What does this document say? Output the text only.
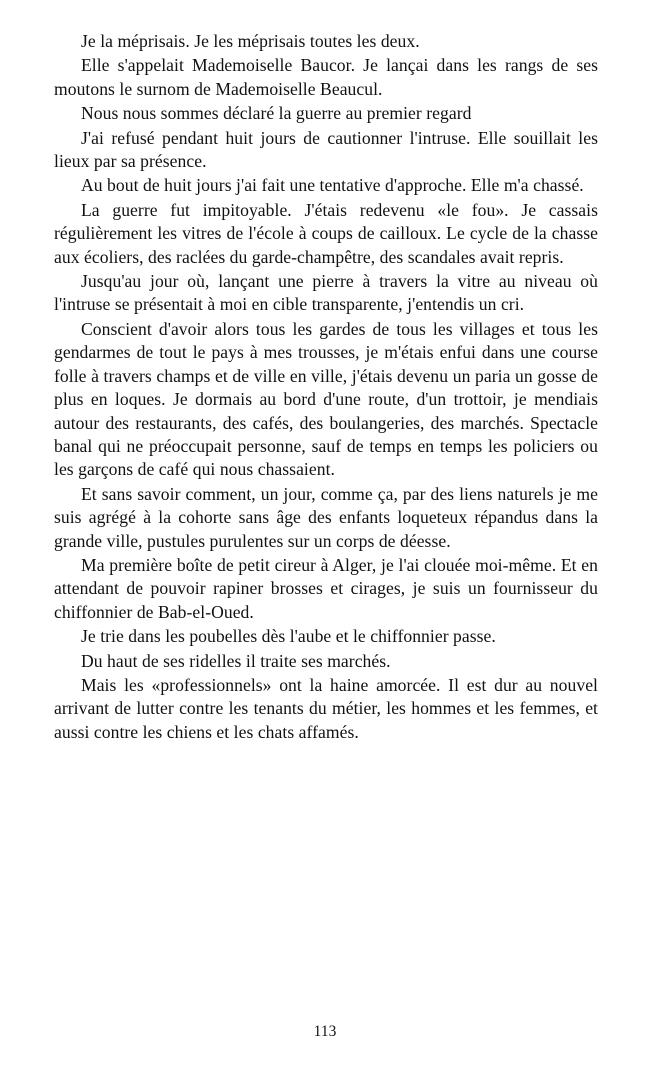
Je la méprisais. Je les méprisais toutes les deux.

Elle s'appelait Mademoiselle Baucor. Je lançai dans les rangs de ses moutons le surnom de Mademoiselle Beaucul.

Nous nous sommes déclaré la guerre au premier regard

J'ai refusé pendant huit jours de cautionner l'intruse. Elle souillait les lieux par sa présence.

Au bout de huit jours j'ai fait une tentative d'approche. Elle m'a chassé.

La guerre fut impitoyable. J'étais redevenu «le fou». Je cassais régulièrement les vitres de l'école à coups de cailloux. Le cycle de la chasse aux écoliers, des raclées du garde-champêtre, des scandales avait repris.

Jusqu'au jour où, lançant une pierre à travers la vitre au niveau où l'intruse se présentait à moi en cible transparente, j'entendis un cri.

Conscient d'avoir alors tous les gardes de tous les villages et tous les gendarmes de tout le pays à mes trousses, je m'étais enfui dans une course folle à travers champs et de ville en ville, j'étais devenu un paria un gosse de plus en loques. Je dormais au bord d'une route, d'un trottoir, je mendiais autour des restaurants, des cafés, des boulangeries, des marchés. Spectacle banal qui ne préoccupait personne, sauf de temps en temps les policiers ou les garçons de café qui nous chassaient.

Et sans savoir comment, un jour, comme ça, par des liens naturels je me suis agrégé à la cohorte sans âge des enfants loqueteux répandus dans la grande ville, pustules purulentes sur un corps de déesse.

Ma première boîte de petit cireur à Alger, je l'ai clouée moi-même. Et en attendant de pouvoir rapiner brosses et cirages, je suis un fournisseur du chiffonnier de Bab-el-Oued.

Je trie dans les poubelles dès l'aube et le chiffonnier passe.

Du haut de ses ridelles il traite ses marchés.

Mais les «professionnels» ont la haine amorcée. Il est dur au nouvel arrivant de lutter contre les tenants du métier, les hommes et les femmes, et aussi contre les chiens et les chats affamés.

113
